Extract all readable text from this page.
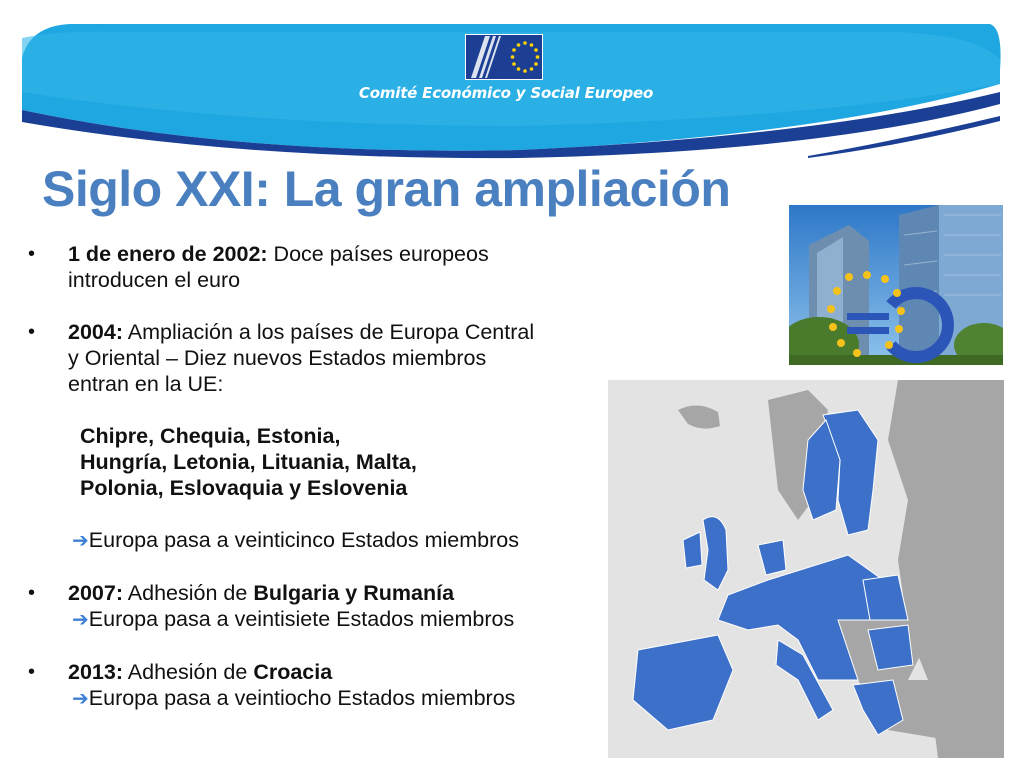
Comité Económico y Social Europeo
Siglo XXI: La gran ampliación
• 1 de enero de 2002: Doce países europeos
introducen el euro
• 2004: Ampliación a los países de Europa Central
y Oriental – Diez nuevos Estados miembros
entran en la UE:
Chipre, Chequia, Estonia,
Hungría, Letonia, Lituania, Malta,
Polonia, Eslovaquia y Eslovenia
➔Europa pasa a veinticinco Estados miembros
• 2007: Adhesión de Bulgaria y Rumanía
➔Europa pasa a veintisiete Estados miembros
• 2013: Adhesión de Croacia
➔Europa pasa a veintiocho Estados miembros
